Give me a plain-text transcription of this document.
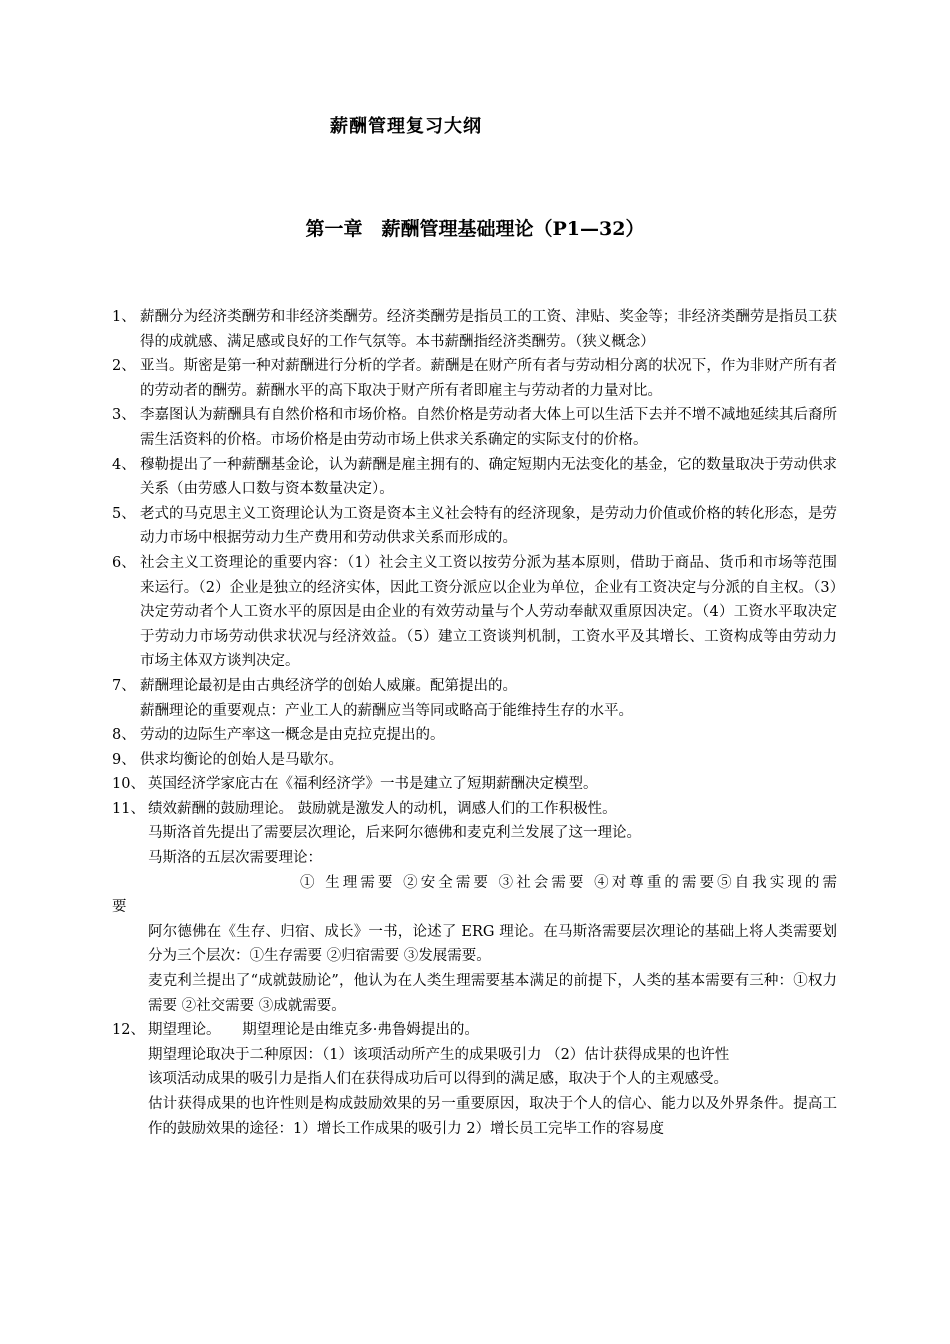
薪酬管理复习大纲
第一章　薪酬管理基础理论（P1—32）
1、 薪酬分为经济类酬劳和非经济类酬劳。经济类酬劳是指员工的工资、津贴、奖金等；非经济类酬劳是指员工获得的成就感、满足感或良好的工作气氛等。本书薪酬指经济类酬劳。（狭义概念）
2、 亚当。斯密是第一种对薪酬进行分析的学者。薪酬是在财产所有者与劳动相分离的状况下，作为非财产所有者的劳动者的酬劳。薪酬水平的高下取决于财产所有者即雇主与劳动者的力量对比。
3、 李嘉图认为薪酬具有自然价格和市场价格。自然价格是劳动者大体上可以生活下去并不增不减地延续其后裔所需生活资料的价格。市场价格是由劳动市场上供求关系确定的实际支付的价格。
4、 穆勒提出了一种薪酬基金论，认为薪酬是雇主拥有的、确定短期内无法变化的基金，它的数量取决于劳动供求关系（由劳感人口数与资本数量决定）。
5、 老式的马克思主义工资理论认为工资是资本主义社会特有的经济现象，是劳动力价值或价格的转化形态，是劳动力市场中根据劳动力生产费用和劳动供求关系而形成的。
6、 社会主义工资理论的重要内容：（1）社会主义工资以按劳分派为基本原则，借助于商品、货币和市场等范围来运行。（2）企业是独立的经济实体，因此工资分派应以企业为单位，企业有工资决定与分派的自主权。（3）决定劳动者个人工资水平的原因是由企业的有效劳动量与个人劳动奉献双重原因决定。（4）工资水平取决定于劳动力市场劳动供求状况与经济效益。（5）建立工资谈判机制，工资水平及其增长、工资构成等由劳动力市场主体双方谈判决定。
7、 薪酬理论最初是由古典经济学的创始人威廉。配第提出的。
薪酬理论的重要观点：产业工人的薪酬应当等同或略高于能维持生存的水平。
8、 劳动的边际生产率这一概念是由克拉克提出的。
9、 供求均衡论的创始人是马歇尔。
10、 英国经济学家庇古在《福利经济学》一书是建立了短期薪酬决定模型。
11、 绩效薪酬的鼓励理论。 鼓励就是激发人的动机，调感人们的工作积极性。
马斯洛首先提出了需要层次理论，后来阿尔德佛和麦克利兰发展了这一理论。
马斯洛的五层次需要理论：
① 生理需要 ②安全需要 ③社会需要 ④对尊重的需要⑤自我实现的需
要
阿尔德佛在《生存、归宿、成长》一书，论述了 ERG 理论。在马斯洛需要层次理论的基础上将人类需要划分为三个层次：①生存需要 ②归宿需要 ③发展需要。
麦克利兰提出了“成就鼓励论”，他认为在人类生理需要基本满足的前提下，人类的基本需要有三种：①权力需要 ②社交需要 ③成就需要。
12、 期望理论。　　期望理论是由维克多·弗鲁姆提出的。
期望理论取决于二种原因：（1）该项活动所产生的成果吸引力 （2）估计获得成果的也许性
该项活动成果的吸引力是指人们在获得成功后可以得到的满足感，取决于个人的主观感受。
估计获得成果的也许性则是构成鼓励效果的另一重要原因，取决于个人的信心、能力以及外界条件。提高工作的鼓励效果的途径：1）增长工作成果的吸引力 2）增长员工完毕工作的容易度
